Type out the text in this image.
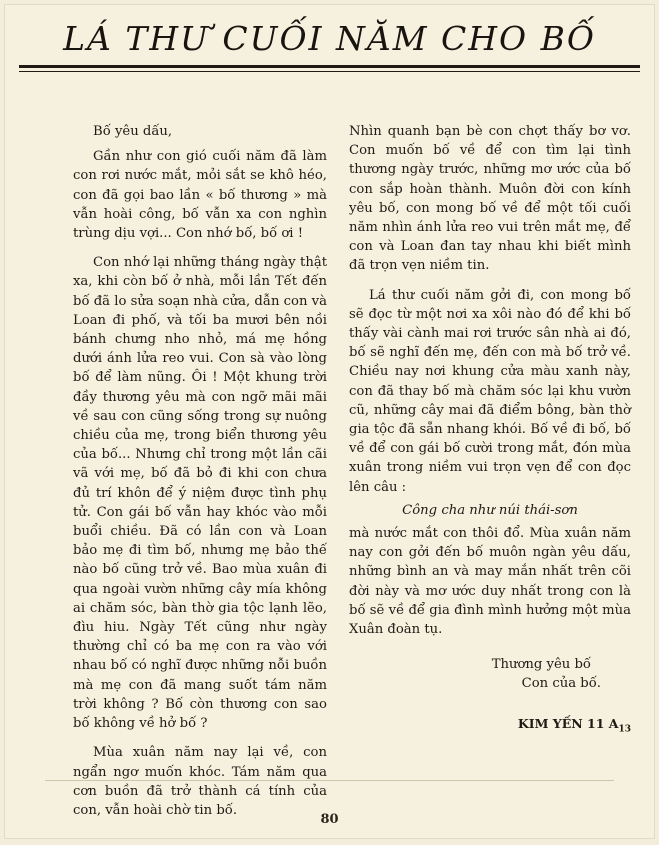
LÁ THƯ CUỐI NĂM CHO BỐ

Bố yêu dấu,

Gần như con gió cuối năm đã làm con rơi nước mắt, mỏi sắt se khô héo, con đã gọi bao lần « bố thương » mà vẫn hoài công, bố vẫn xa con nghìn trùng dịu vợi... Con nhớ bố, bố ơi !

Con nhớ lại những tháng ngày thật xa, khi còn bố ở nhà, mỗi lần Tết đến bố đã lo sửa soạn nhà cửa, dẫn con và Loan đi phố, và tối ba mươi bên nồi bánh chưng nho nhỏ, má mẹ hồng dưới ánh lửa reo vui. Con sà vào lòng bố để làm nũng. Ôi ! Một khung trời đầy thương yêu mà con ngỡ mãi mãi về sau con cũng sống trong sự nuông chiều của mẹ, trong biển thương yêu của bố... Nhưng chỉ trong một lần cãi vã với mẹ, bố đã bỏ đi khi con chưa đủ trí khôn để ý niệm được tình phụ tử. Con gái bố vẫn hay khóc vào mỗi buổi chiều. Đã có lần con và Loan bảo mẹ đi tìm bố, nhưng mẹ bảo thế nào bố cũng trở về. Bao mùa xuân đi qua ngoài vườn những cây mía không ai chăm sóc, bàn thờ gia tộc lạnh lẽo, đìu hiu. Ngày Tết cũng như ngày thường chỉ có ba mẹ con ra vào với nhau bố có nghĩ được những nỗi buồn mà mẹ con đã mang suốt tám năm trời không ? Bố còn thương con sao bố không về hở bố ?

Mùa xuân năm nay lại về, con ngẩn ngơ muốn khóc. Tám năm qua cơn buồn đã trở thành cá tính của con, vẫn hoài chờ tin bố.

Nhìn quanh bạn bè con chợt thấy bơ vơ. Con muốn bố về để con tìm lại tình thương ngày trước, những mơ ước của bố con sắp hoàn thành. Muôn đời con kính yêu bố, con mong bố về để một tối cuối năm nhìn ánh lửa reo vui trên mắt mẹ, để con và Loan đan tay nhau khi biết mình đã trọn vẹn niềm tin.

Lá thư cuối năm gởi đi, con mong bố sẽ đọc từ một nơi xa xôi nào đó để khi bố thấy vài cành mai rơi trước sân nhà ai đó, bố sẽ nghĩ đến mẹ, đến con mà bố trở về. Chiều nay nơi khung cửa màu xanh này, con đã thay bố mà chăm sóc lại khu vườn cũ, những cây mai đã điểm bông, bàn thờ gia tộc đã sẵn nhang khói. Bố về đi bố, bố về để con gái bố cười trong mắt, đón mùa xuân trong niềm vui trọn vẹn để con đọc lên câu :

Công cha như núi thái-sơn

mà nước mắt con thôi đổ. Mùa xuân năm nay con gởi đến bố muôn ngàn yêu dấu, những bình an và may mắn nhất trên cõi đời này và mơ ước duy nhất trong con là bố sẽ về để gia đình mình hưởng một mùa Xuân đoàn tụ.

Thương yêu bố

Con của bố.

KIM YẾN 11 $A_{13}$

80
